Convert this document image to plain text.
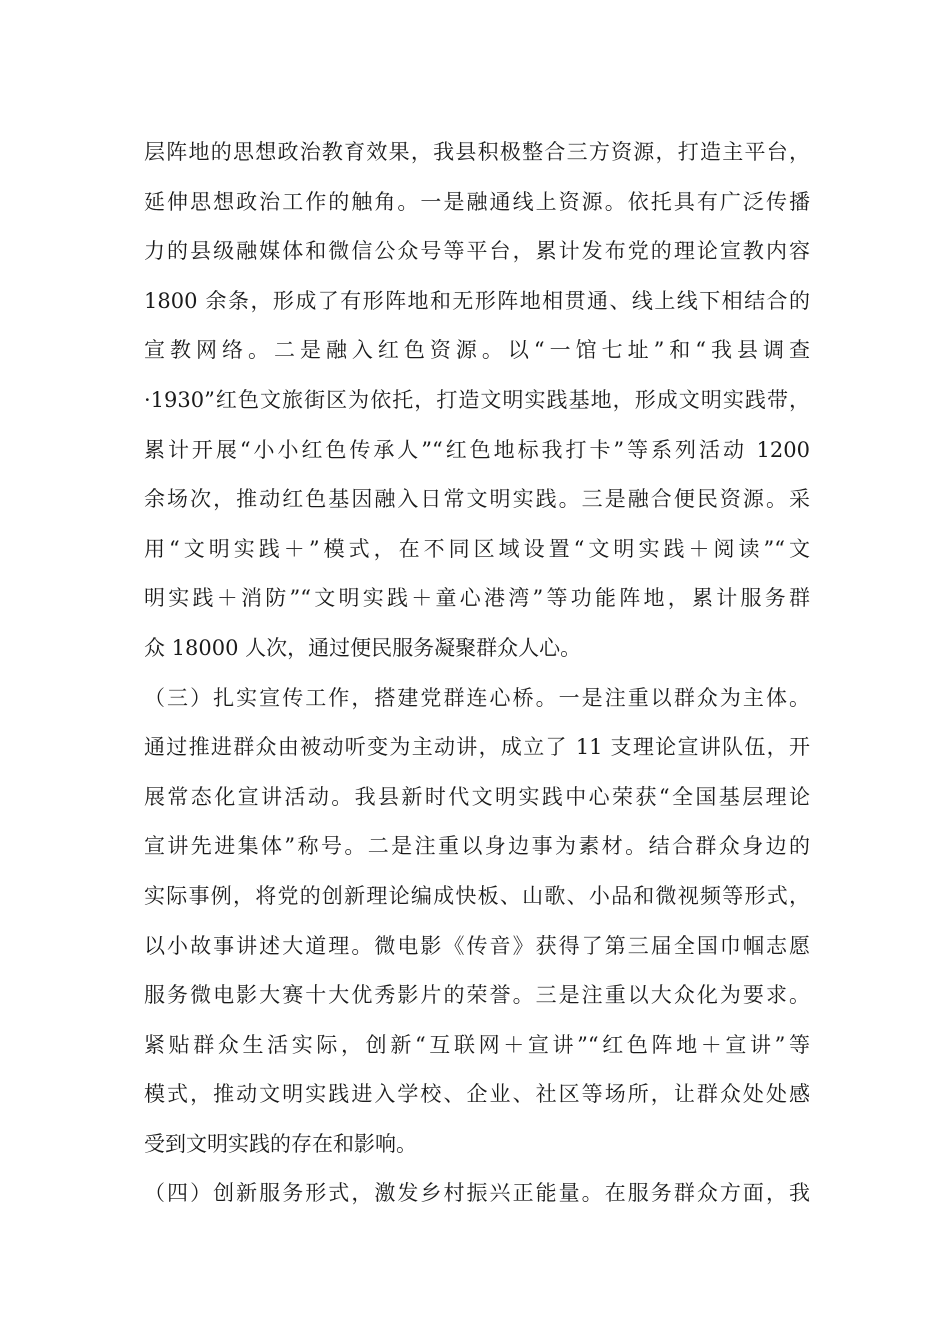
层阵地的思想政治教育效果，我县积极整合三方资源，打造主平台，
延伸思想政治工作的触角。一是融通线上资源。依托具有广泛传播
力的县级融媒体和微信公众号等平台，累计发布党的理论宣教内容
1800 余条，形成了有形阵地和无形阵地相贯通、线上线下相结合的
宣教网络。二是融入红色资源。以“一馆七址”和“我县调查
·1930”红色文旅街区为依托，打造文明实践基地，形成文明实践带，
累计开展“小小红色传承人”“红色地标我打卡”等系列活动 1200
余场次，推动红色基因融入日常文明实践。三是融合便民资源。采
用“文明实践＋”模式，在不同区域设置“文明实践＋阅读”“文
明实践＋消防”“文明实践＋童心港湾”等功能阵地，累计服务群
众 18000 人次，通过便民服务凝聚群众人心。
（三）扎实宣传工作，搭建党群连心桥。一是注重以群众为主体。
通过推进群众由被动听变为主动讲，成立了 11 支理论宣讲队伍，开
展常态化宣讲活动。我县新时代文明实践中心荣获“全国基层理论
宣讲先进集体”称号。二是注重以身边事为素材。结合群众身边的
实际事例，将党的创新理论编成快板、山歌、小品和微视频等形式，
以小故事讲述大道理。微电影《传音》获得了第三届全国巾帼志愿
服务微电影大赛十大优秀影片的荣誉。三是注重以大众化为要求。
紧贴群众生活实际，创新“互联网＋宣讲”“红色阵地＋宣讲”等
模式，推动文明实践进入学校、企业、社区等场所，让群众处处感
受到文明实践的存在和影响。
（四）创新服务形式，激发乡村振兴正能量。在服务群众方面，我
